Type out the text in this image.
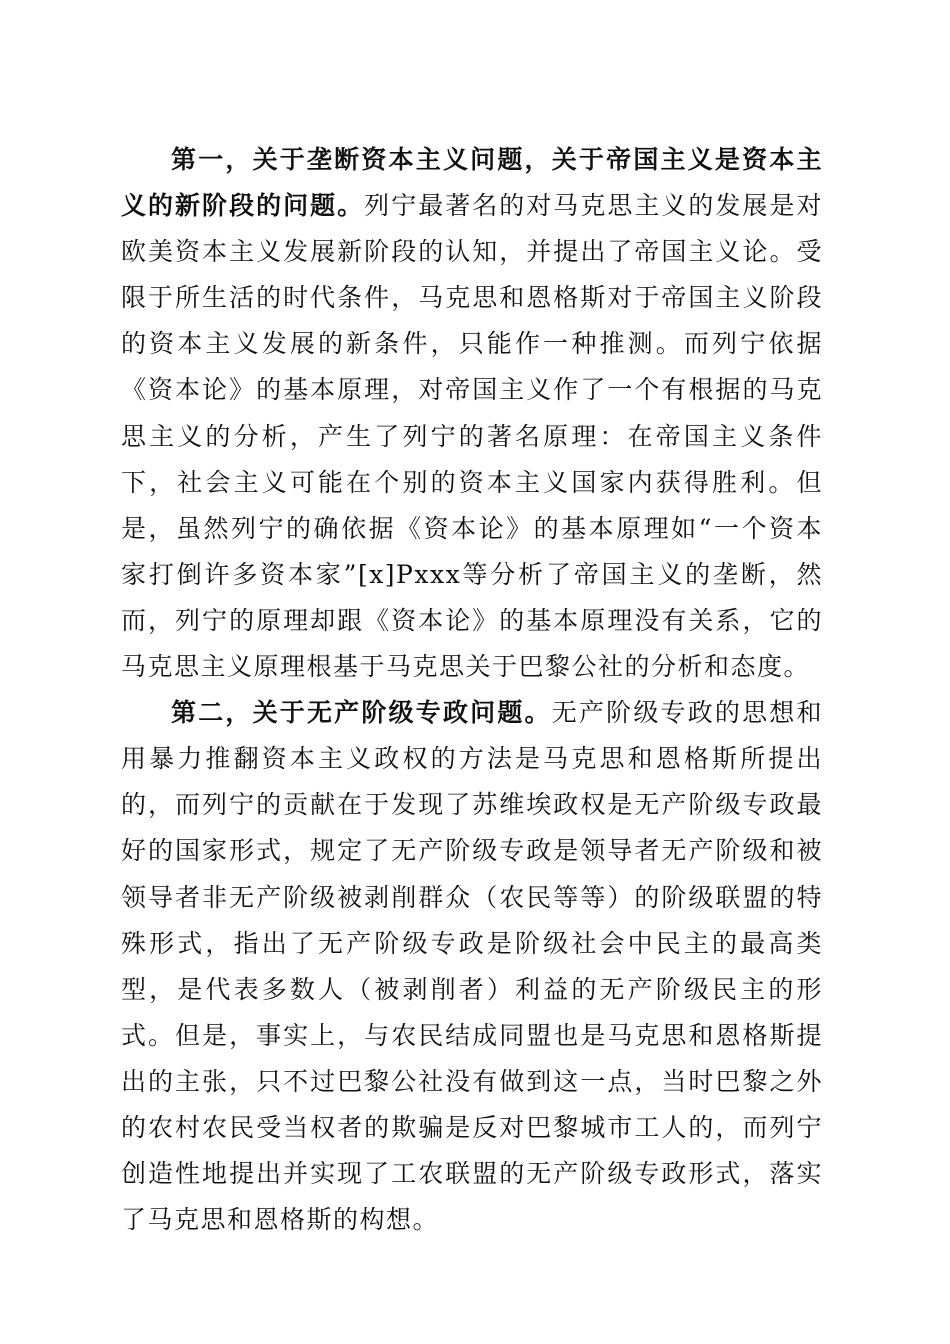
第一，关于垄断资本主义问题，关于帝国主义是资本主义的新阶段的问题。列宁最著名的对马克思主义的发展是对欧美资本主义发展新阶段的认知，并提出了帝国主义论。受限于所生活的时代条件，马克思和恩格斯对于帝国主义阶段的资本主义发展的新条件，只能作一种推测。而列宁依据《资本论》的基本原理，对帝国主义作了一个有根据的马克思主义的分析，产生了列宁的著名原理：在帝国主义条件下，社会主义可能在个别的资本主义国家内获得胜利。但是，虽然列宁的确依据《资本论》的基本原理如“一个资本家打倒许多资本家”[x]Pxxx等分析了帝国主义的垄断，然而，列宁的原理却跟《资本论》的基本原理没有关系，它的马克思主义原理根基于马克思关于巴黎公社的分析和态度。

第二，关于无产阶级专政问题。无产阶级专政的思想和用暴力推翻资本主义政权的方法是马克思和恩格斯所提出的，而列宁的贡献在于发现了苏维埃政权是无产阶级专政最好的国家形式，规定了无产阶级专政是领导者无产阶级和被领导者非无产阶级被剥削群众（农民等等）的阶级联盟的特殊形式，指出了无产阶级专政是阶级社会中民主的最高类型，是代表多数人（被剥削者）利益的无产阶级民主的形式。但是，事实上，与农民结成同盟也是马克思和恩格斯提出的主张，只不过巴黎公社没有做到这一点，当时巴黎之外的农村农民受当权者的欺骗是反对巴黎城市工人的，而列宁创造性地提出并实现了工农联盟的无产阶级专政形式，落实了马克思和恩格斯的构想。
